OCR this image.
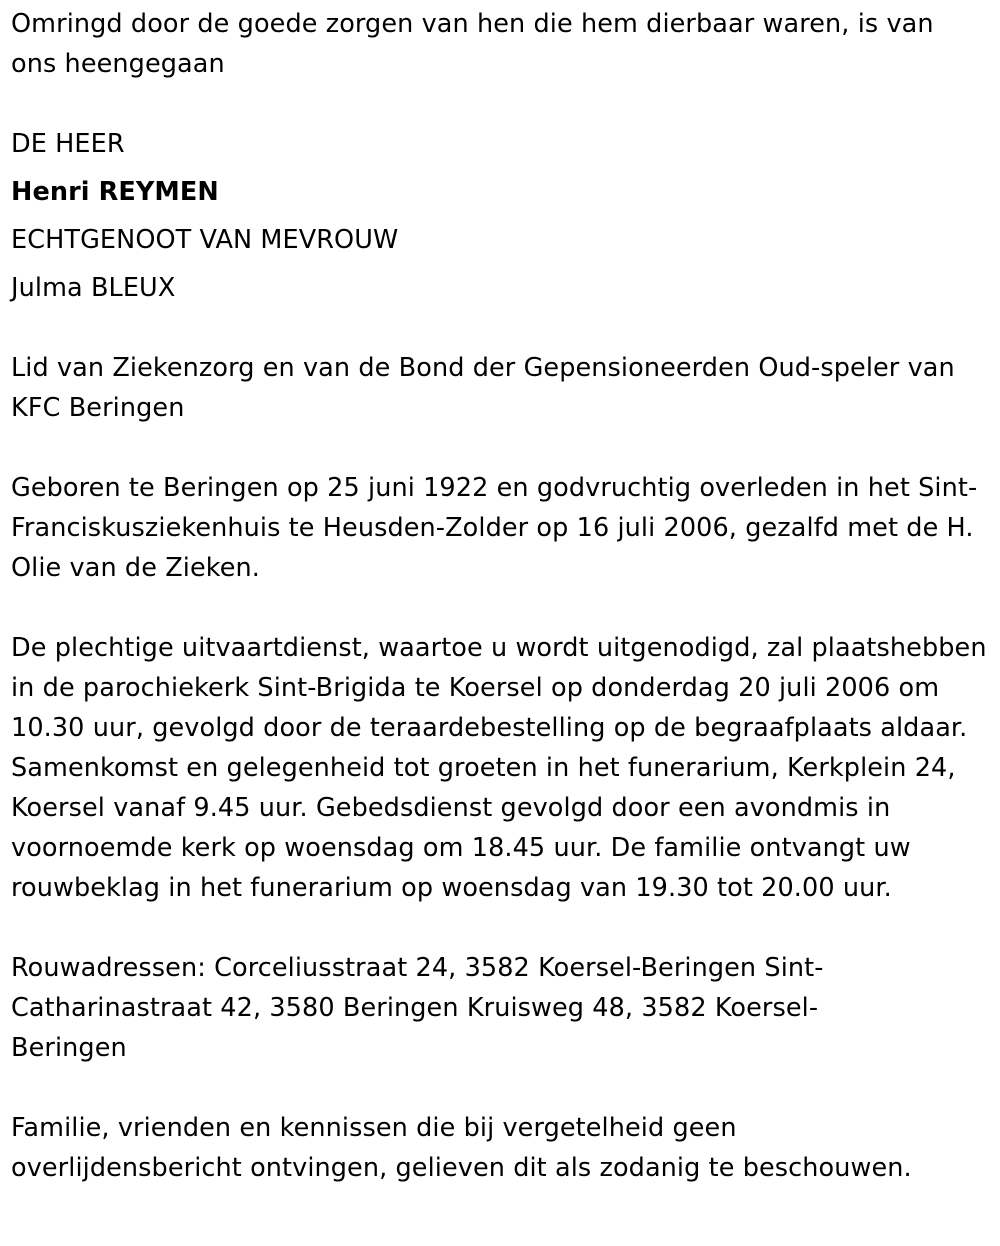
Omringd door de goede zorgen van hen die hem dierbaar waren, is van ons heengegaan

DE HEER

Henri REYMEN

ECHTGENOOT VAN MEVROUW

Julma BLEUX

Lid van Ziekenzorg en van de Bond der Gepensioneerden Oud-speler van KFC Beringen

Geboren te Beringen op 25 juni 1922 en godvruchtig overleden in het Sint-Franciskusziekenhuis te Heusden-Zolder op 16 juli 2006, gezalfd met de H. Olie van de Zieken.

De plechtige uitvaartdienst, waartoe u wordt uitgenodigd, zal plaatshebben in de parochiekerk Sint-Brigida te Koersel op donderdag 20 juli 2006 om 10.30 uur, gevolgd door de teraardebestelling op de begraafplaats aldaar. Samenkomst en gelegenheid tot groeten in het funerarium, Kerkplein 24, Koersel vanaf 9.45 uur. Gebedsdienst gevolgd door een avondmis in voornoemde kerk op woensdag om 18.45 uur. De familie ontvangt uw rouwbeklag in het funerarium op woensdag van 19.30 tot 20.00 uur.

Rouwadressen: Corceliusstraat 24, 3582 Koersel-Beringen Sint-Catharinastraat 42, 3580 Beringen Kruisweg 48, 3582 Koersel-Beringen

Familie, vrienden en kennissen die bij vergetelheid geen overlijdensbericht ontvingen, gelieven dit als zodanig te beschouwen.
